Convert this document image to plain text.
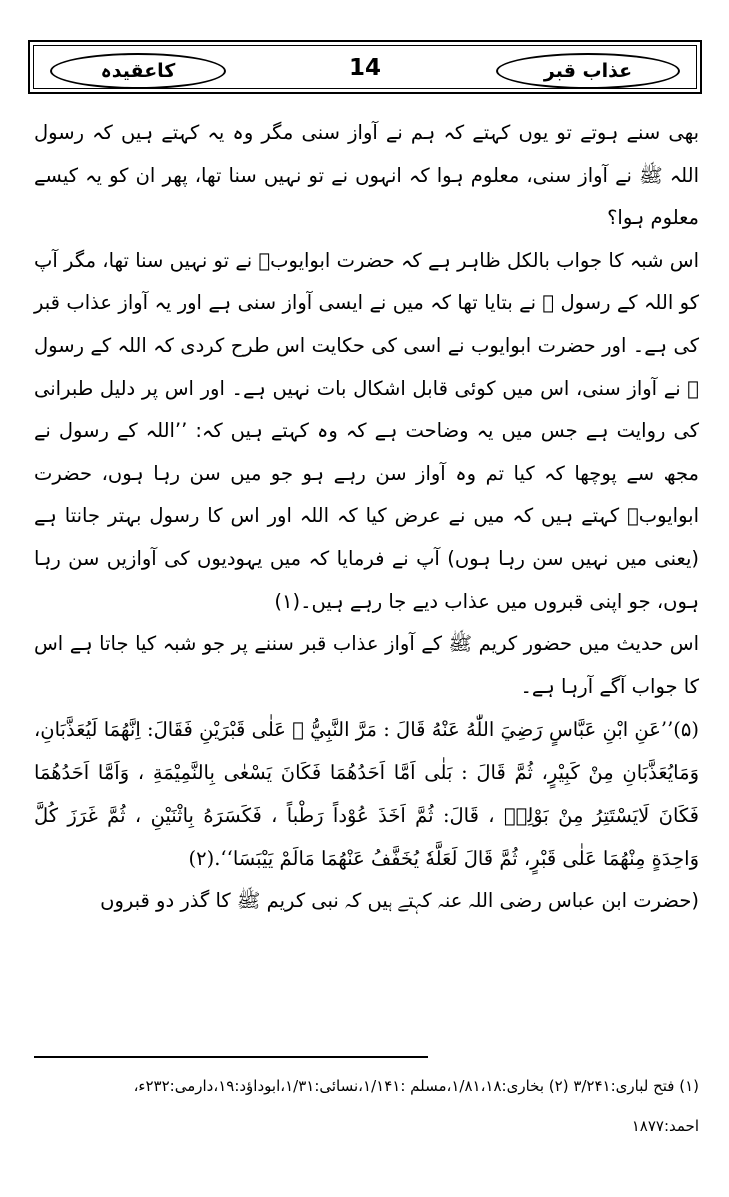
کاعقیدہ	14	عذاب قبر

بھی سنے ہوتے تو یوں کہتے کہ ہم نے آواز سنی مگر وہ یہ کہتے ہیں کہ رسول اللہ ﷺ نے آواز سنی، معلوم ہوا کہ انہوں نے تو نہیں سنا تھا، پھر ان کو یہ کیسے معلوم ہوا؟

اس شبہ کا جواب بالکل ظاہر ہے کہ حضرت ابوایوبؓ نے تو نہیں سنا تھا، مگر آپ کو اللہ کے رسول ﷺ نے بتایا تھا کہ میں نے ایسی آواز سنی ہے اور یہ آواز عذاب قبر کی ہے۔ اور حضرت ابوایوب نے اسی کی حکایت اس طرح کردی کہ اللہ کے رسول ﷺ نے آواز سنی، اس میں کوئی قابل اشکال بات نہیں ہے۔ اور اس پر دلیل طبرانی کی روایت ہے جس میں یہ وضاحت ہے کہ وہ کہتے ہیں کہ: ’’اللہ کے رسول نے مجھ سے پوچھا کہ کیا تم وہ آواز سن رہے ہو جو میں سن رہا ہوں، حضرت ابوایوبؓ کہتے ہیں کہ میں نے عرض کیا کہ اللہ اور اس کا رسول بہتر جانتا ہے (یعنی میں نہیں سن رہا ہوں) آپ نے فرمایا کہ میں یہودیوں کی آوازیں سن رہا ہوں، جو اپنی قبروں میں عذاب دیے جا رہے ہیں۔(۱)

اس حدیث میں حضور کریم ﷺ کے آواز عذاب قبر سننے پر جو شبہ کیا جاتا ہے اس کا جواب آگے آرہا ہے۔

(۵)’’عَنِ ابْنِ عَبَّاسٍ رَضِيَ اللّٰهُ عَنْهُ قَالَ : مَرَّ النَّبِيُّ ﷺ عَلٰى قَبْرَيْنِ فَقَالَ: اِنَّهُمَا لَيُعَذَّبَانِ، وَمَايُعَذَّبَانِ مِنْ كَبِيْرٍ، ثُمَّ قَالَ : بَلٰى اَمَّا اَحَدُهُمَا فَكَانَ يَسْعٰى بِالنَّمِيْمَةِ ، وَاَمَّا اَحَدُهُمَا فَكَانَ لَايَسْتَتِرُ مِنْ بَوْلِهٖ ، قَالَ: ثُمَّ اَخَذَ عُوْداً رَطْباً ، فَكَسَرَهُ بِاثْنَيْنِ ، ثُمَّ غَرَزَ كُلَّ وَاحِدَةٍ مِنْهُمَا عَلٰى قَبْرٍ، ثُمَّ قَالَ لَعَلَّهٗ يُخَفَّفُ عَنْهُمَا مَالَمْ يَيْبَسَا‘‘.(۲)

(حضرت ابن عباس رضی اللہ عنہ کہتے ہیں کہ نبی کریم ﷺ کا گذر دو قبروں

(۱) فتح لباری:۳/۲۴۱ (۲) بخاری:۱/۸۱،۱۸،مسلم :۱/۱۴۱،نسائی:۱/۳۱،ابوداؤد:۱۹،دارمی:۲۳۲ء،

احمد:۱۸۷۷
